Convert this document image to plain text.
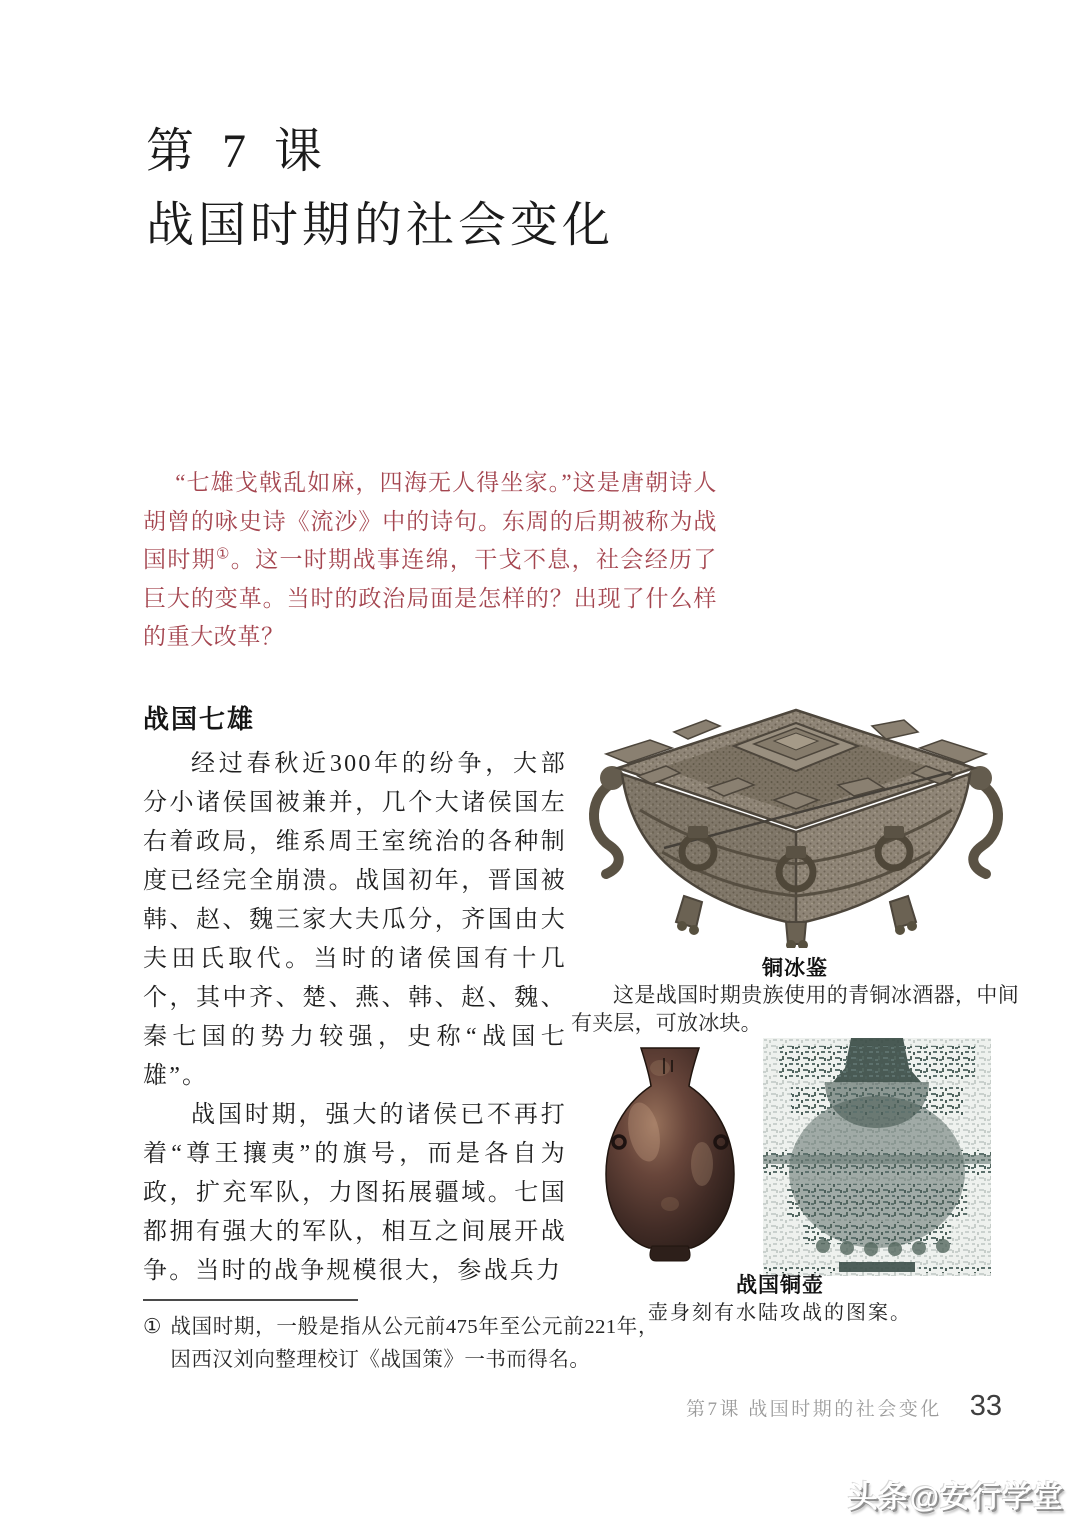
第 7 课
战国时期的社会变化
“七雄戈戟乱如麻，四海无人得坐家。”这是唐朝诗人胡曾的咏史诗《流沙》中的诗句。东周的后期被称为战国时期①。这一时期战事连绵，干戈不息，社会经历了巨大的变革。当时的政治局面是怎样的？出现了什么样的重大改革？
战国七雄

经过春秋近300年的纷争，大部分小诸侯国被兼并，几个大诸侯国左右着政局，维系周王室统治的各种制度已经完全崩溃。战国初年，晋国被韩、赵、魏三家大夫瓜分，齐国由大夫田氏取代。当时的诸侯国有十几个，其中齐、楚、燕、韩、赵、魏、秦七国的势力较强，史称“战国七雄”。

战国时期，强大的诸侯已不再打着“尊王攘夷”的旗号，而是各自为政，扩充军队，力图拓展疆域。七国都拥有强大的军队，相互之间展开战争。当时的战争规模很大，参战兵力

铜冰鉴
这是战国时期贵族使用的青铜冰酒器，中间有夹层，可放冰块。
战国铜壶
壶身刻有水陆攻战的图案。
① 战国时期，一般是指从公元前475年至公元前221年，因西汉刘向整理校订《战国策》一书而得名。
第7课 战国时期的社会变化 33
头条@安行学堂
